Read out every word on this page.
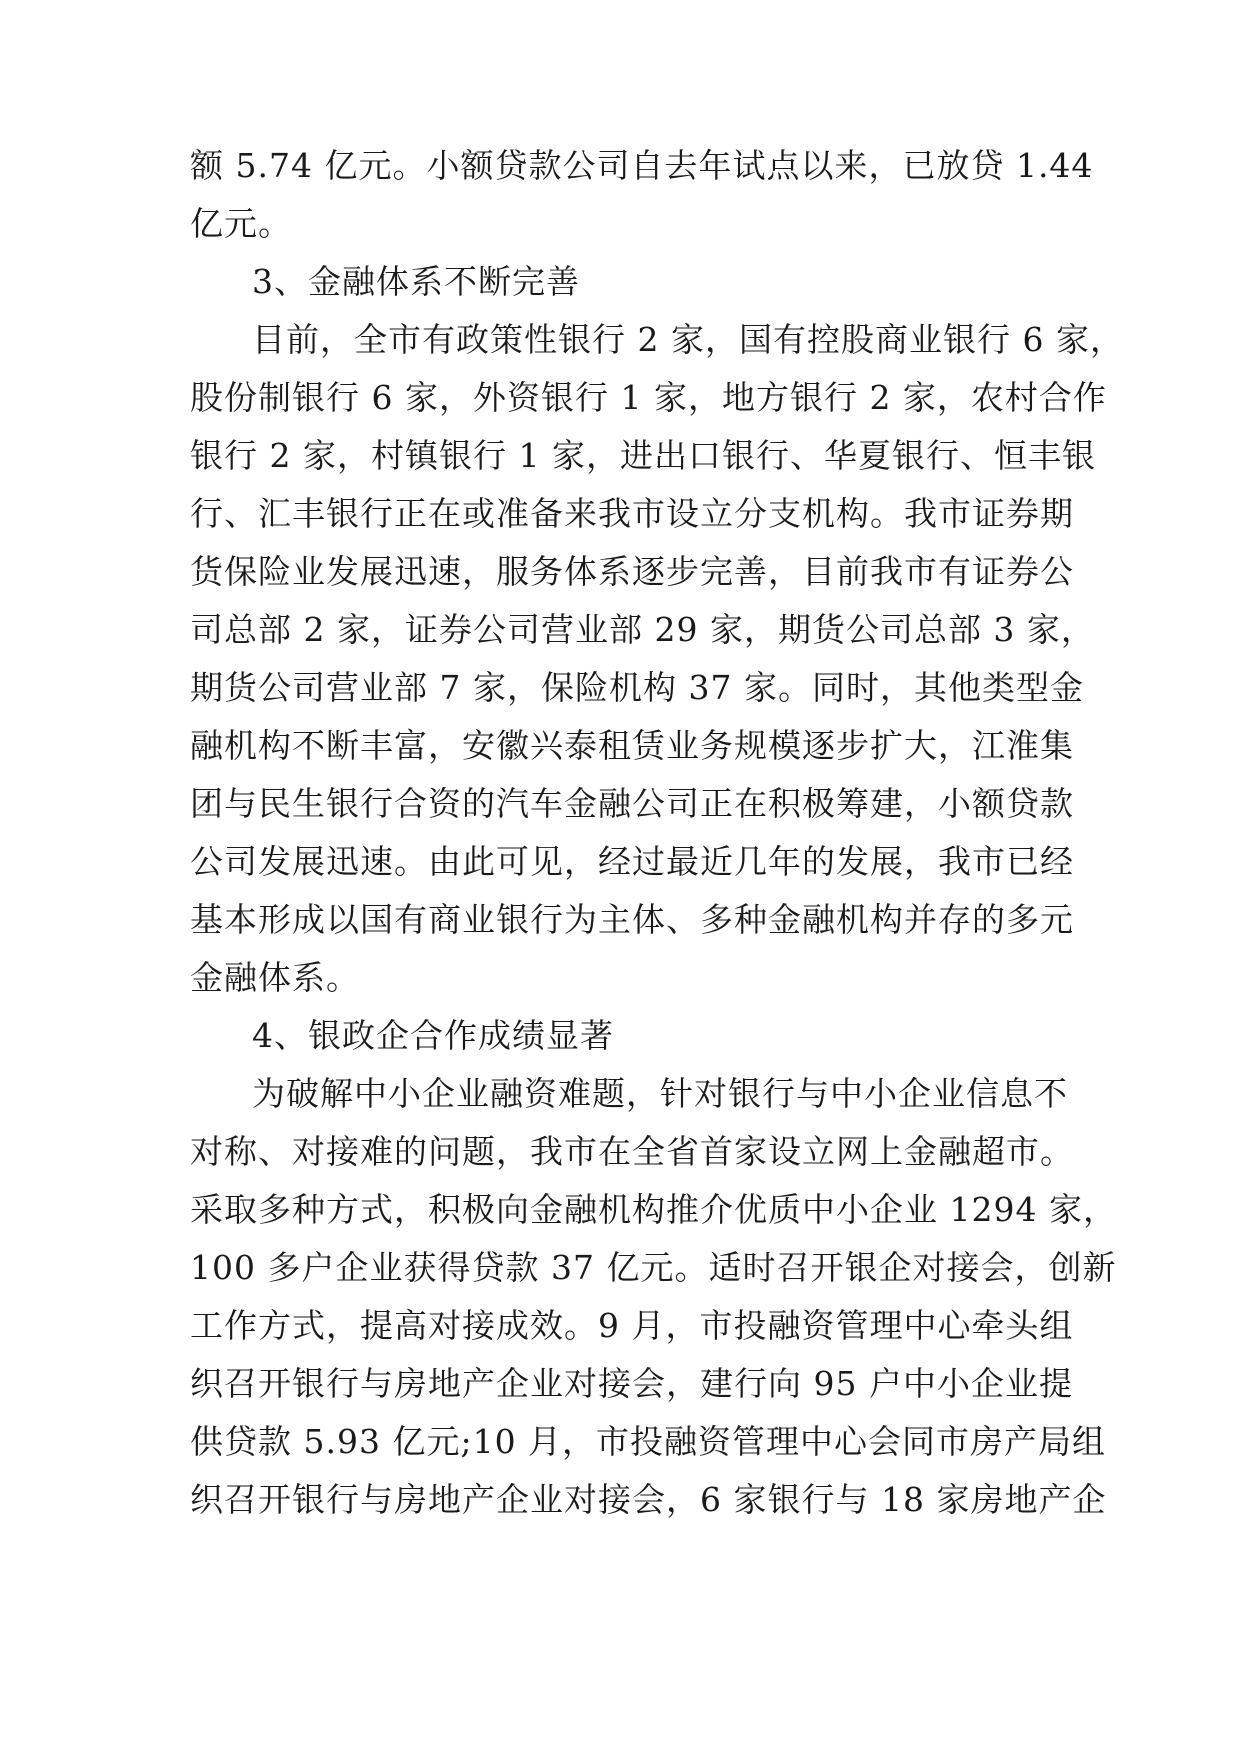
额 5.74 亿元。小额贷款公司自去年试点以来，已放贷 1.44
亿元。
3、金融体系不断完善
目前，全市有政策性银行 2 家，国有控股商业银行 6 家，
股份制银行 6 家，外资银行 1 家，地方银行 2 家，农村合作
银行 2 家，村镇银行 1 家，进出口银行、华夏银行、恒丰银
行、汇丰银行正在或准备来我市设立分支机构。我市证券期
货保险业发展迅速，服务体系逐步完善，目前我市有证券公
司总部 2 家，证券公司营业部 29 家，期货公司总部 3 家，
期货公司营业部 7 家，保险机构 37 家。同时，其他类型金
融机构不断丰富，安徽兴泰租赁业务规模逐步扩大，江淮集
团与民生银行合资的汽车金融公司正在积极筹建，小额贷款
公司发展迅速。由此可见，经过最近几年的发展，我市已经
基本形成以国有商业银行为主体、多种金融机构并存的多元
金融体系。
4、银政企合作成绩显著
为破解中小企业融资难题，针对银行与中小企业信息不
对称、对接难的问题，我市在全省首家设立网上金融超市。
采取多种方式，积极向金融机构推介优质中小企业 1294 家，
100 多户企业获得贷款 37 亿元。适时召开银企对接会，创新
工作方式，提高对接成效。9 月，市投融资管理中心牵头组
织召开银行与房地产企业对接会，建行向 95 户中小企业提
供贷款 5.93 亿元;10 月，市投融资管理中心会同市房产局组
织召开银行与房地产企业对接会，6 家银行与 18 家房地产企
